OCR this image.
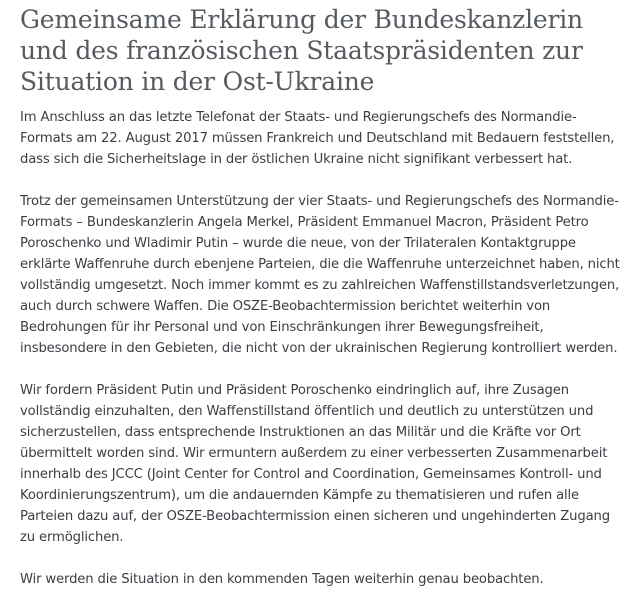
Gemeinsame Erklärung der Bundeskanzlerin und des französischen Staatspräsidenten zur Situation in der Ost-Ukraine

Im Anschluss an das letzte Telefonat der Staats- und Regierungschefs des Normandie-Formats am 22. August 2017 müssen Frankreich und Deutschland mit Bedauern feststellen, dass sich die Sicherheitslage in der östlichen Ukraine nicht signifikant verbessert hat.

Trotz der gemeinsamen Unterstützung der vier Staats- und Regierungschefs des Normandie-Formats – Bundeskanzlerin Angela Merkel, Präsident Emmanuel Macron, Präsident Petro Poroschenko und Wladimir Putin – wurde die neue, von der Trilateralen Kontaktgruppe erklärte Waffenruhe durch ebenjene Parteien, die die Waffenruhe unterzeichnet haben, nicht vollständig umgesetzt. Noch immer kommt es zu zahlreichen Waffenstillstandsverletzungen, auch durch schwere Waffen. Die OSZE-Beobachtermission berichtet weiterhin von Bedrohungen für ihr Personal und von Einschränkungen ihrer Bewegungsfreiheit, insbesondere in den Gebieten, die nicht von der ukrainischen Regierung kontrolliert werden.

Wir fordern Präsident Putin und Präsident Poroschenko eindringlich auf, ihre Zusagen vollständig einzuhalten, den Waffenstillstand öffentlich und deutlich zu unterstützen und sicherzustellen, dass entsprechende Instruktionen an das Militär und die Kräfte vor Ort übermittelt worden sind. Wir ermuntern außerdem zu einer verbesserten Zusammenarbeit innerhalb des JCCC (Joint Center for Control and Coordination, Gemeinsames Kontroll- und Koordinierungszentrum), um die andauernden Kämpfe zu thematisieren und rufen alle Parteien dazu auf, der OSZE-Beobachtermission einen sicheren und ungehinderten Zugang zu ermöglichen.

Wir werden die Situation in den kommenden Tagen weiterhin genau beobachten.
